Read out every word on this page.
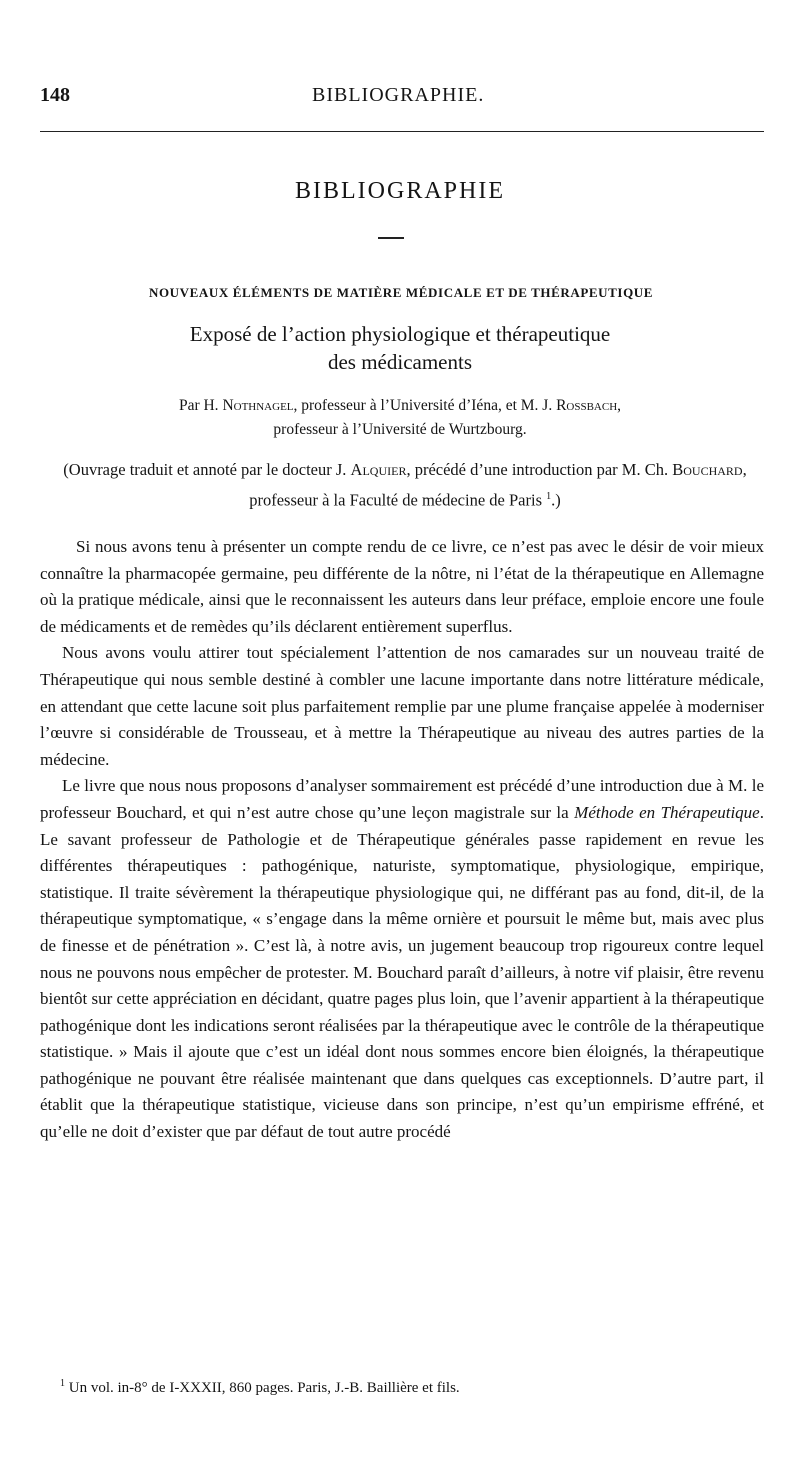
148	BIBLIOGRAPHIE.
BIBLIOGRAPHIE
NOUVEAUX ÉLÉMENTS DE MATIÈRE MÉDICALE ET DE THÉRAPEUTIQUE
Exposé de l’action physiologique et thérapeutique
des médicaments
Par H. Nothnagel, professeur à l’Université d’Iéna, et M. J. Rossbach,
professeur à l’Université de Wurtzbourg.
(Ouvrage traduit et annoté par le docteur J. Alquier, précédé d’une introduction par M. Ch. Bouchard, professeur à la Faculté de médecine de Paris $^1$.)

Si nous avons tenu à présenter un compte rendu de ce livre, ce n’est pas avec le désir de voir mieux connaître la pharmacopée germaine, peu différente de la nôtre, ni l’état de la thérapeutique en Allemagne où la pratique médicale, ainsi que le reconnaissent les auteurs dans leur préface, emploie encore une foule de médicaments et de remèdes qu’ils déclarent entièrement superflus.

Nous avons voulu attirer tout spécialement l’attention de nos camarades sur un nouveau traité de Thérapeutique qui nous semble destiné à combler une lacune importante dans notre littérature médicale, en attendant que cette lacune soit plus parfaitement remplie par une plume française appelée à moderniser l’œuvre si considérable de Trousseau, et à mettre la Thérapeutique au niveau des autres parties de la médecine.

Le livre que nous nous proposons d’analyser sommairement est précédé d’une introduction due à M. le professeur Bouchard, et qui n’est autre chose qu’une leçon magistrale sur la Méthode en Thérapeutique. Le savant professeur de Pathologie et de Thérapeutique générales passe rapidement en revue les différentes thérapeutiques : pathogénique, naturiste, symptomatique, physiologique, empirique, statistique. Il traite sévèrement la thérapeutique physiologique qui, ne différant pas au fond, dit-il, de la thérapeutique symptomatique, « s’engage dans la même ornière et poursuit le même but, mais avec plus de finesse et de pénétration ». C’est là, à notre avis, un jugement beaucoup trop rigoureux contre lequel nous ne pouvons nous empêcher de protester. M. Bouchard paraît d’ailleurs, à notre vif plaisir, être revenu bientôt sur cette appréciation en décidant, quatre pages plus loin, que l’avenir appartient à la thérapeutique pathogénique dont les indications seront réalisées par la thérapeutique avec le contrôle de la thérapeutique statistique. » Mais il ajoute que c’est un idéal dont nous sommes encore bien éloignés, la thérapeutique pathogénique ne pouvant être réalisée maintenant que dans quelques cas exceptionnels. D’autre part, il établit que la thérapeutique statistique, vicieuse dans son principe, n’est qu’un empirisme effréné, et qu’elle ne doit d’exister que par défaut de tout autre procédé

$^1$ Un vol. in-8° de I-XXXII, 860 pages. Paris, J.-B. Baillière et fils.
